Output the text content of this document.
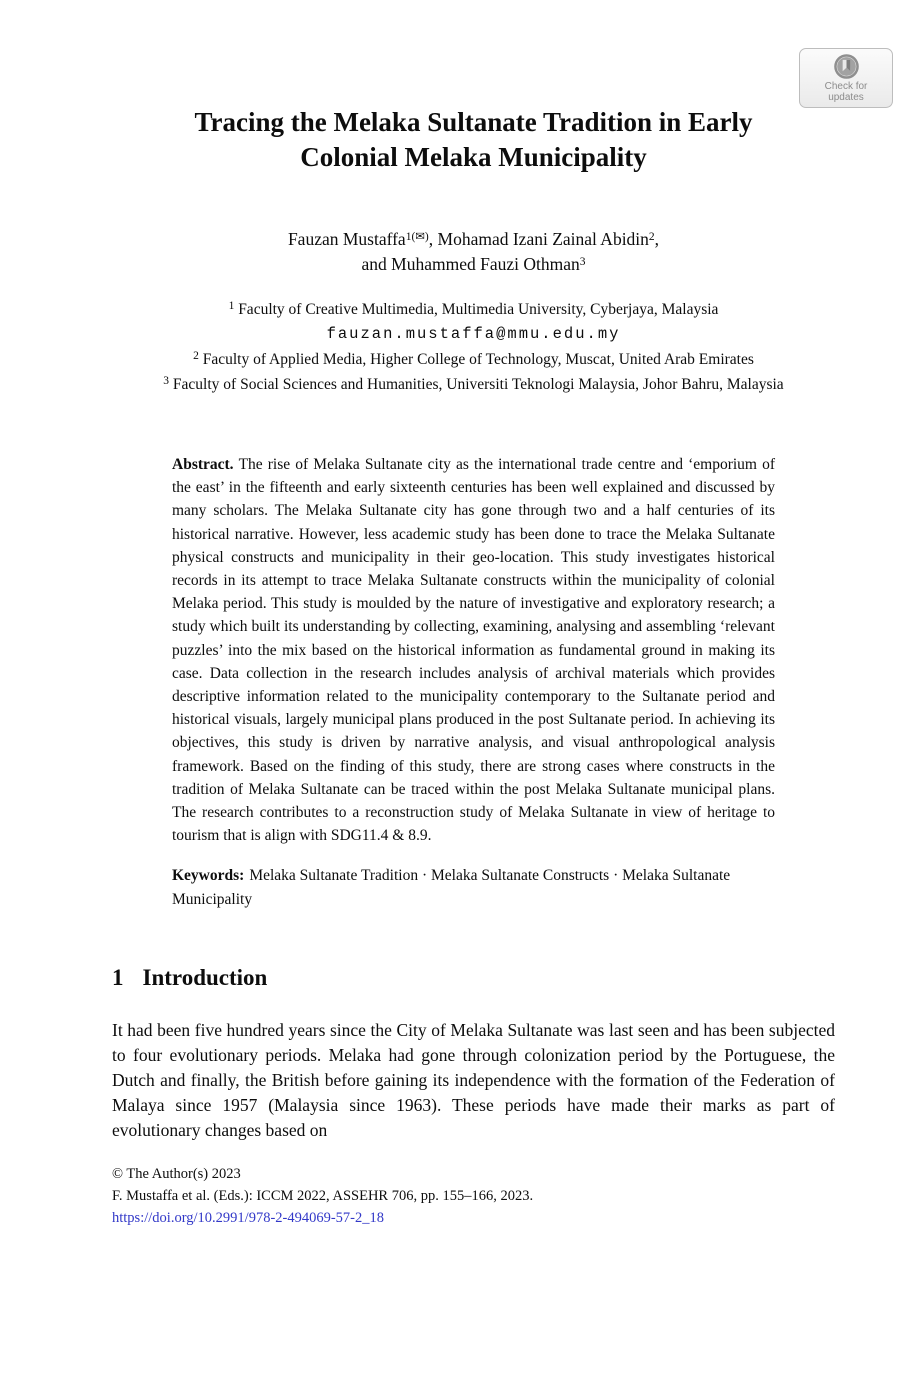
Check for
updates
Tracing the Melaka Sultanate Tradition in Early Colonial Melaka Municipality
Fauzan Mustaffa$^{1(✉)}$, Mohamad Izani Zainal Abidin$^2$,
and Muhammed Fauzi Othman$^3$
$^1$ Faculty of Creative Multimedia, Multimedia University, Cyberjaya, Malaysia
fauzan.mustaffa@mmu.edu.my
$^2$ Faculty of Applied Media, Higher College of Technology, Muscat, United Arab Emirates
$^3$ Faculty of Social Sciences and Humanities, Universiti Teknologi Malaysia, Johor Bahru, Malaysia

Abstract. The rise of Melaka Sultanate city as the international trade centre and ‘emporium of the east’ in the fifteenth and early sixteenth centuries has been well explained and discussed by many scholars. The Melaka Sultanate city has gone through two and a half centuries of its historical narrative. However, less academic study has been done to trace the Melaka Sultanate physical constructs and municipality in their geo-location. This study investigates historical records in its attempt to trace Melaka Sultanate constructs within the municipality of colonial Melaka period. This study is moulded by the nature of investigative and exploratory research; a study which built its understanding by collecting, examining, analysing and assembling ‘relevant puzzles’ into the mix based on the historical information as fundamental ground in making its case. Data collection in the research includes analysis of archival materials which provides descriptive information related to the municipality contemporary to the Sultanate period and historical visuals, largely municipal plans produced in the post Sultanate period. In achieving its objectives, this study is driven by narrative analysis, and visual anthropological analysis framework. Based on the finding of this study, there are strong cases where constructs in the tradition of Melaka Sultanate can be traced within the post Melaka Sultanate municipal plans. The research contributes to a reconstruction study of Melaka Sultanate in view of heritage to tourism that is align with SDG11.4 & 8.9.

Keywords: Melaka Sultanate Tradition · Melaka Sultanate Constructs · Melaka Sultanate Municipality

1 Introduction

It had been five hundred years since the City of Melaka Sultanate was last seen and has been subjected to four evolutionary periods. Melaka had gone through colonization period by the Portuguese, the Dutch and finally, the British before gaining its independence with the formation of the Federation of Malaya since 1957 (Malaysia since 1963). These periods have made their marks as part of evolutionary changes based on

© The Author(s) 2023
F. Mustaffa et al. (Eds.): ICCM 2022, ASSEHR 706, pp. 155–166, 2023.
https://doi.org/10.2991/978-2-494069-57-2_18
